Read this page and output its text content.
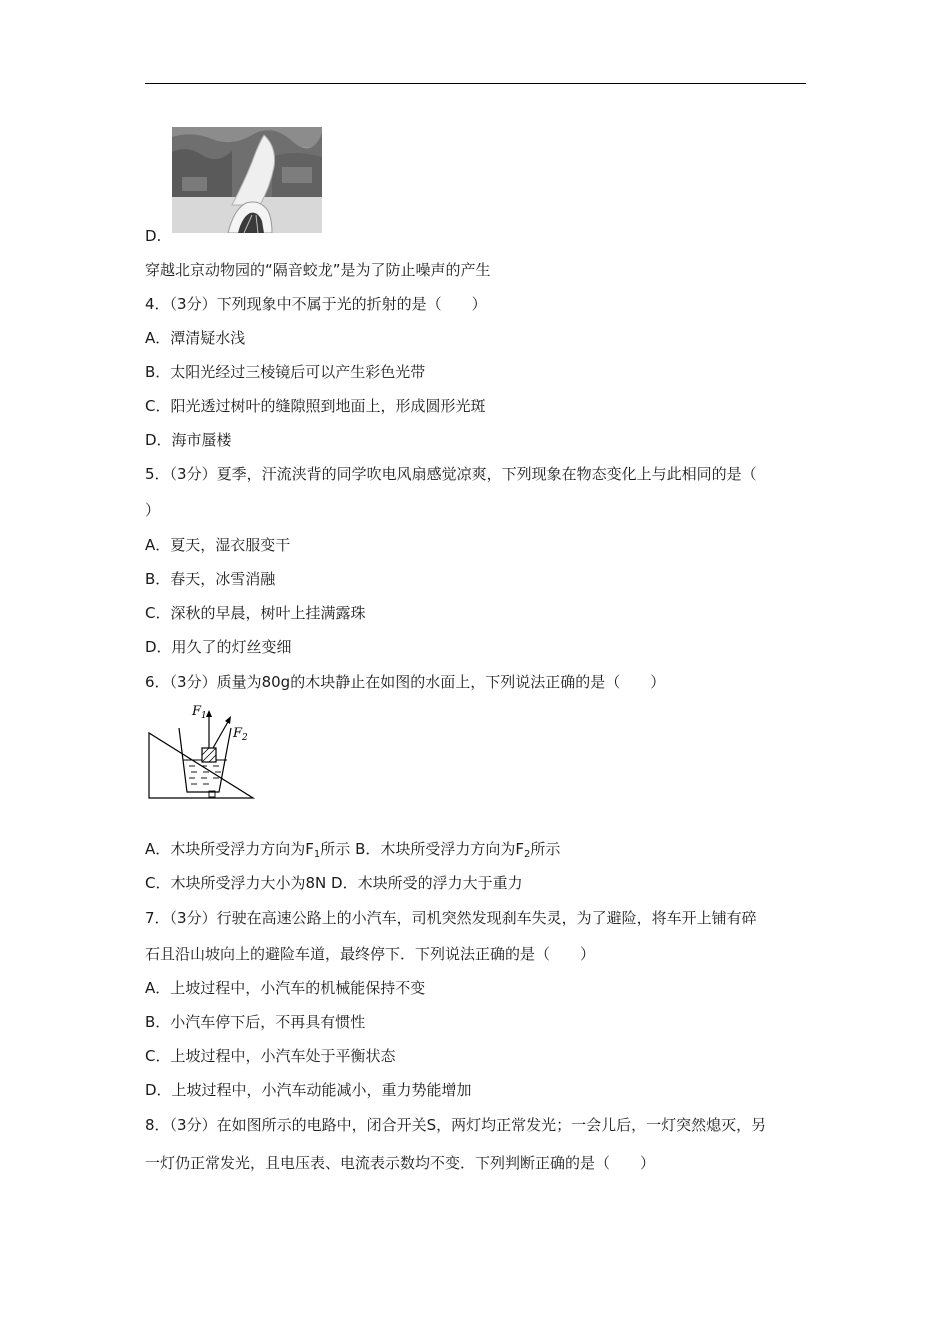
D.
穿越北京动物园的“隔音蛟龙”是为了防止噪声的产生
4．（3分）下列现象中不属于光的折射的是（　　）
A．潭清疑水浅
B．太阳光经过三棱镜后可以产生彩色光带
C．阳光透过树叶的缝隙照到地面上，形成圆形光斑
D．海市蜃楼
5．（3分）夏季，汗流浃背的同学吹电风扇感觉凉爽，下列现象在物态变化上与此相同的是（
）
A．夏天，湿衣服变干
B．春天，冰雪消融
C．深秋的早晨，树叶上挂满露珠
D．用久了的灯丝变细
6．（3分）质量为80g的木块静止在如图的水面上，下列说法正确的是（　　）
$F_1$
$F_2$
A．木块所受浮力方向为$F_1$所示 B．木块所受浮力方向为$F_2$所示
C．木块所受浮力大小为8N D．木块所受的浮力大于重力
7．（3分）行驶在高速公路上的小汽车，司机突然发现刹车失灵，为了避险，将车开上铺有碎
石且沿山坡向上的避险车道，最终停下．下列说法正确的是（　　）
A．上坡过程中，小汽车的机械能保持不变
B．小汽车停下后，不再具有惯性
C．上坡过程中，小汽车处于平衡状态
D．上坡过程中，小汽车动能减小，重力势能增加
8．（3分）在如图所示的电路中，闭合开关S，两灯均正常发光；一会儿后，一灯突然熄灭，另
一灯仍正常发光，且电压表、电流表示数均不变．下列判断正确的是（　　）
